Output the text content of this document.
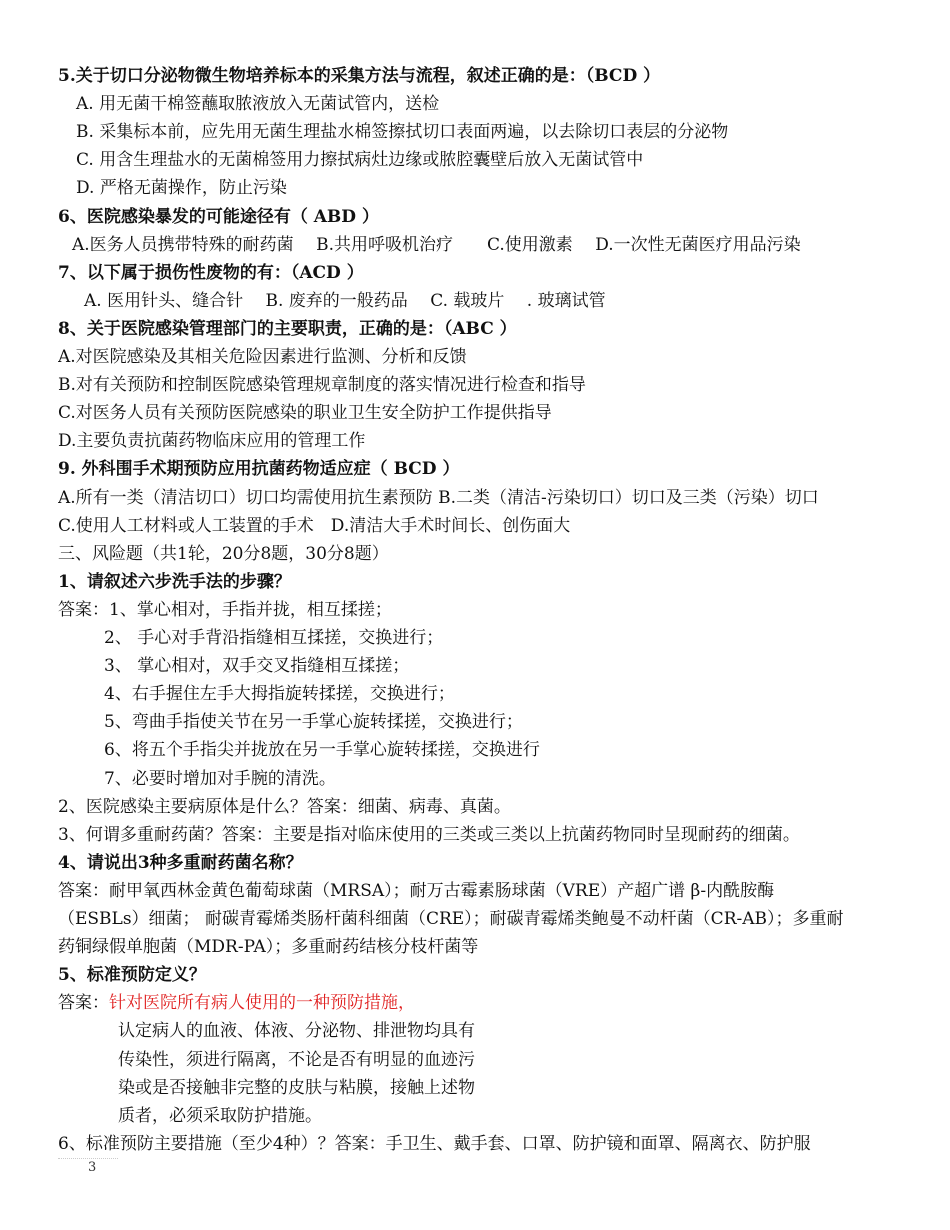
3
5.关于切口分泌物微生物培养标本的采集方法与流程，叙述正确的是：（BCD ）
A. 用无菌干棉签蘸取脓液放入无菌试管内，送检
B. 采集标本前，应先用无菌生理盐水棉签擦拭切口表面两遍，以去除切口表层的分泌物
C. 用含生理盐水的无菌棉签用力擦拭病灶边缘或脓腔囊壁后放入无菌试管中
D. 严格无菌操作，防止污染
6、医院感染暴发的可能途径有（ ABD ）
A.医务人员携带特殊的耐药菌　 B.共用呼吸机治疗　　C.使用激素　 D.一次性无菌医疗用品污染
7、以下属于损伤性废物的有：（ACD ）
A. 医用针头、缝合针　 B. 废弃的一般药品　 C. 载玻片　 . 玻璃试管
8、关于医院感染管理部门的主要职责，正确的是：（ABC ）
A.对医院感染及其相关危险因素进行监测、分析和反馈
B.对有关预防和控制医院感染管理规章制度的落实情况进行检查和指导
C.对医务人员有关预防医院感染的职业卫生安全防护工作提供指导
D.主要负责抗菌药物临床应用的管理工作
9. 外科围手术期预防应用抗菌药物适应症（ BCD ）
A.所有一类（清洁切口）切口均需使用抗生素预防 B.二类（清洁-污染切口）切口及三类（污染）切口
C.使用人工材料或人工装置的手术　D.清洁大手术时间长、创伤面大
三、风险题（共1轮，20分8题，30分8题）
1、请叙述六步洗手法的步骤？
答案：1、掌心相对，手指并拢，相互揉搓；
2、 手心对手背沿指缝相互揉搓，交换进行；
3、 掌心相对，双手交叉指缝相互揉搓；
4、右手握住左手大拇指旋转揉搓，交换进行；
5、弯曲手指使关节在另一手掌心旋转揉搓，交换进行；
6、将五个手指尖并拢放在另一手掌心旋转揉搓，交换进行
7、必要时增加对手腕的清洗。
2、医院感染主要病原体是什么？答案：细菌、病毒、真菌。
3、何谓多重耐药菌？答案：主要是指对临床使用的三类或三类以上抗菌药物同时呈现耐药的细菌。
4、请说出3种多重耐药菌名称？
答案：耐甲氧西林金黄色葡萄球菌（MRSA）；耐万古霉素肠球菌（VRE）产超广谱 β-内酰胺酶
（ESBLs）细菌； 耐碳青霉烯类肠杆菌科细菌（CRE）；耐碳青霉烯类鲍曼不动杆菌（CR-AB）；多重耐
药铜绿假单胞菌（MDR-PA）；多重耐药结核分枝杆菌等
5、标准预防定义？
答案：针对医院所有病人使用的一种预防措施，
认定病人的血液、体液、分泌物、排泄物均具有
传染性，须进行隔离，不论是否有明显的血迹污
染或是否接触非完整的皮肤与粘膜，接触上述物
质者，必须采取防护措施。
6、标准预防主要措施（至少4种）？答案：手卫生、戴手套、口罩、防护镜和面罩、隔离衣、防护服
